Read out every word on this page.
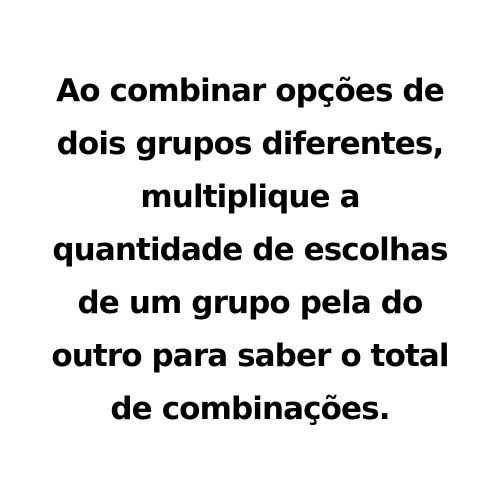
Ao combinar opções de
dois grupos diferentes,
multiplique a
quantidade de escolhas
de um grupo pela do
outro para saber o total
de combinações.
